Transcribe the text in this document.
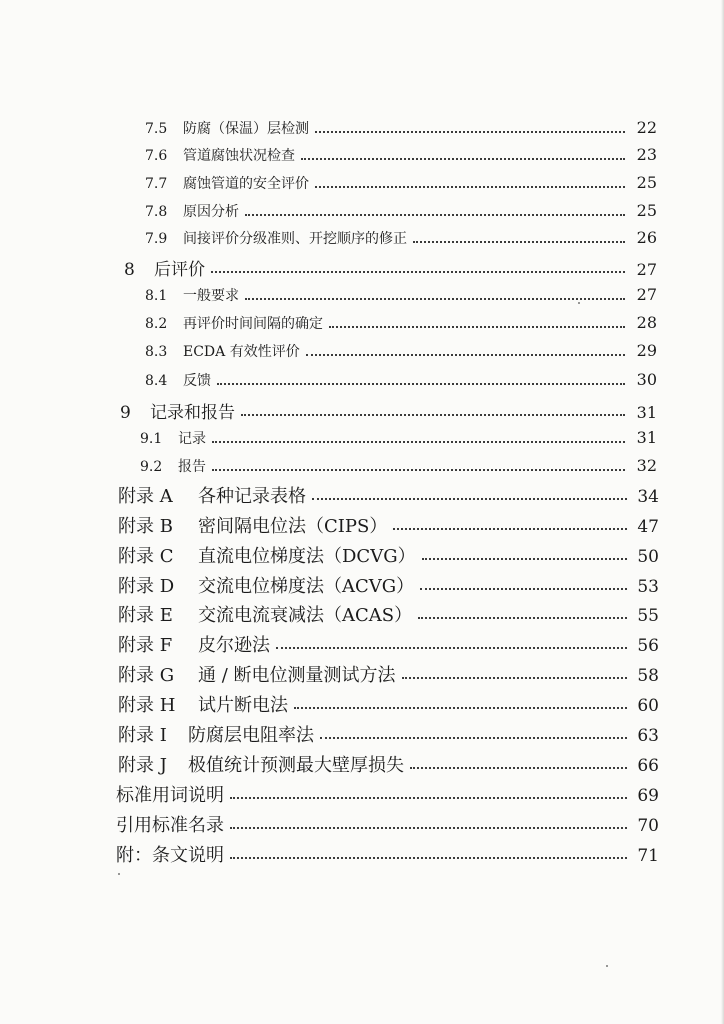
7.5	防腐（保温）层检测	22
7.6	管道腐蚀状况检查	23
7.7	腐蚀管道的安全评价	25
7.8	原因分析	25
7.9	间接评价分级准则、开挖顺序的修正	26
8	后评价	27
8.1	一般要求	27
8.2	再评价时间间隔的确定	28
8.3	ECDA 有效性评价	29
8.4	反馈	30
9	记录和报告	31
9.1	记录	31
9.2	报告	32
附录 A	各种记录表格	34
附录 B	密间隔电位法（CIPS）	47
附录 C	直流电位梯度法（DCVG）	50
附录 D	交流电位梯度法（ACVG）	53
附录 E	交流电流衰减法（ACAS）	55
附录 F	皮尔逊法	56
附录 G	通 / 断电位测量测试方法	58
附录 H	试片断电法	60
附录 I	防腐层电阻率法	63
附录 J	极值统计预测最大壁厚损失	66
标准用词说明	69
引用标准名录	70
附：条文说明	71
